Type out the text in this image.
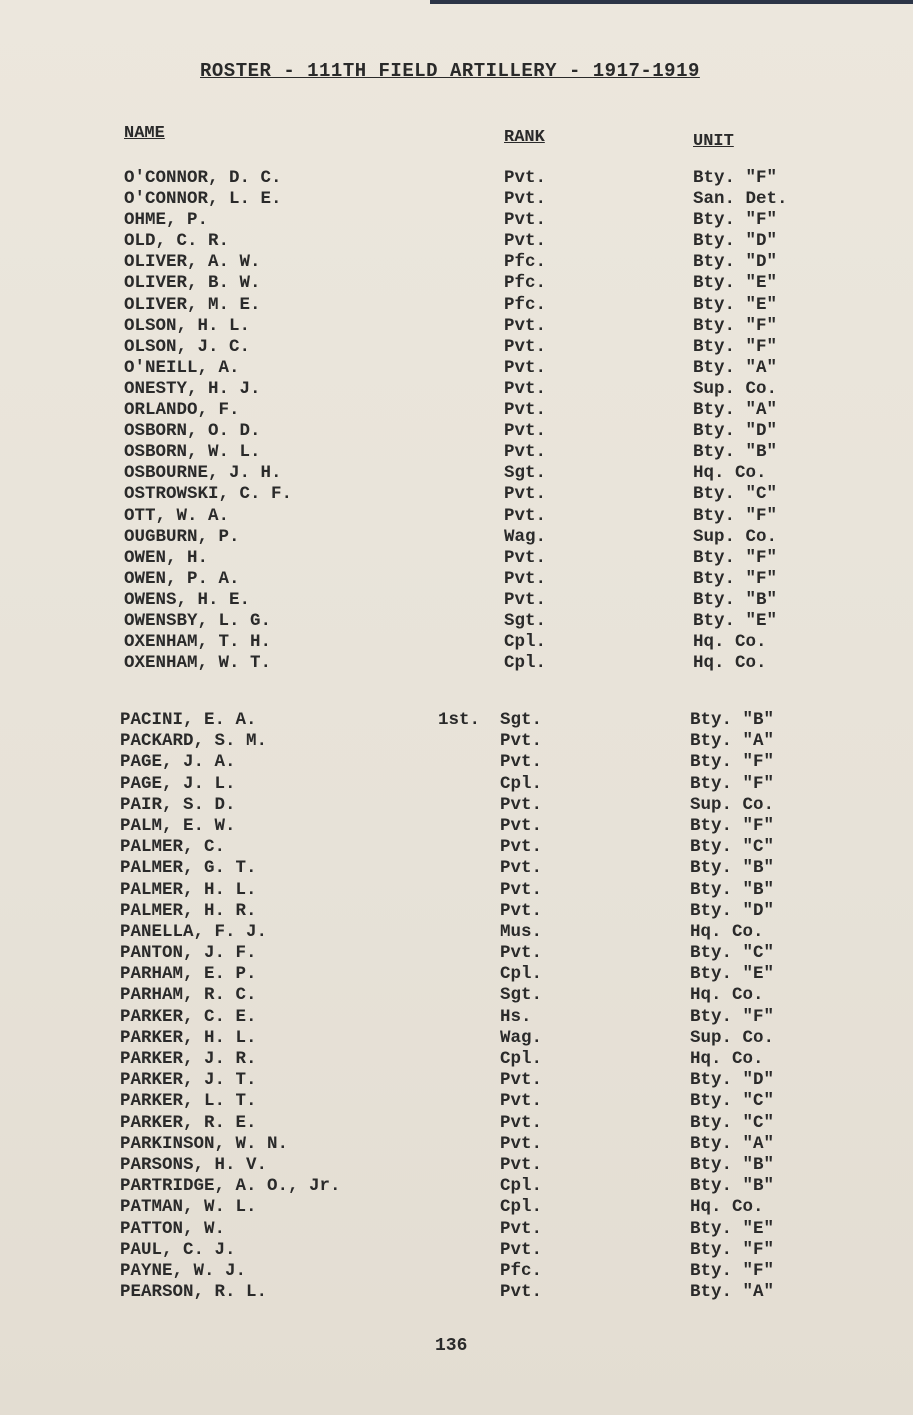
ROSTER - 111TH FIELD ARTILLERY - 1917-1919
NAME	RANK	UNIT
O'CONNOR, D. C.	Pvt.	Bty. "F"
O'CONNOR, L. E.	Pvt.	San. Det.
OHME, P.	Pvt.	Bty. "F"
OLD, C. R.	Pvt.	Bty. "D"
OLIVER, A. W.	Pfc.	Bty. "D"
OLIVER, B. W.	Pfc.	Bty. "E"
OLIVER, M. E.	Pfc.	Bty. "E"
OLSON, H. L.	Pvt.	Bty. "F"
OLSON, J. C.	Pvt.	Bty. "F"
O'NEILL, A.	Pvt.	Bty. "A"
ONESTY, H. J.	Pvt.	Sup. Co.
ORLANDO, F.	Pvt.	Bty. "A"
OSBORN, O. D.	Pvt.	Bty. "D"
OSBORN, W. L.	Pvt.	Bty. "B"
OSBOURNE, J. H.	Sgt.	Hq. Co.
OSTROWSKI, C. F.	Pvt.	Bty. "C"
OTT, W. A.	Pvt.	Bty. "F"
OUGBURN, P.	Wag.	Sup. Co.
OWEN, H.	Pvt.	Bty. "F"
OWEN, P. A.	Pvt.	Bty. "F"
OWENS, H. E.	Pvt.	Bty. "B"
OWENSBY, L. G.	Sgt.	Bty. "E"
OXENHAM, T. H.	Cpl.	Hq. Co.
OXENHAM, W. T.	Cpl.	Hq. Co.
PACINI, E. A.	1st. Sgt.	Bty. "B"
PACKARD, S. M.	Pvt.	Bty. "A"
PAGE, J. A.	Pvt.	Bty. "F"
PAGE, J. L.	Cpl.	Bty. "F"
PAIR, S. D.	Pvt.	Sup. Co.
PALM, E. W.	Pvt.	Bty. "F"
PALMER, C.	Pvt.	Bty. "C"
PALMER, G. T.	Pvt.	Bty. "B"
PALMER, H. L.	Pvt.	Bty. "B"
PALMER, H. R.	Pvt.	Bty. "D"
PANELLA, F. J.	Mus.	Hq. Co.
PANTON, J. F.	Pvt.	Bty. "C"
PARHAM, E. P.	Cpl.	Bty. "E"
PARHAM, R. C.	Sgt.	Hq. Co.
PARKER, C. E.	Hs.	Bty. "F"
PARKER, H. L.	Wag.	Sup. Co.
PARKER, J. R.	Cpl.	Hq. Co.
PARKER, J. T.	Pvt.	Bty. "D"
PARKER, L. T.	Pvt.	Bty. "C"
PARKER, R. E.	Pvt.	Bty. "C"
PARKINSON, W. N.	Pvt.	Bty. "A"
PARSONS, H. V.	Pvt.	Bty. "B"
PARTRIDGE, A. O., Jr.	Cpl.	Bty. "B"
PATMAN, W. L.	Cpl.	Hq. Co.
PATTON, W.	Pvt.	Bty. "E"
PAUL, C. J.	Pvt.	Bty. "F"
PAYNE, W. J.	Pfc.	Bty. "F"
PEARSON, R. L.	Pvt.	Bty. "A"
136
